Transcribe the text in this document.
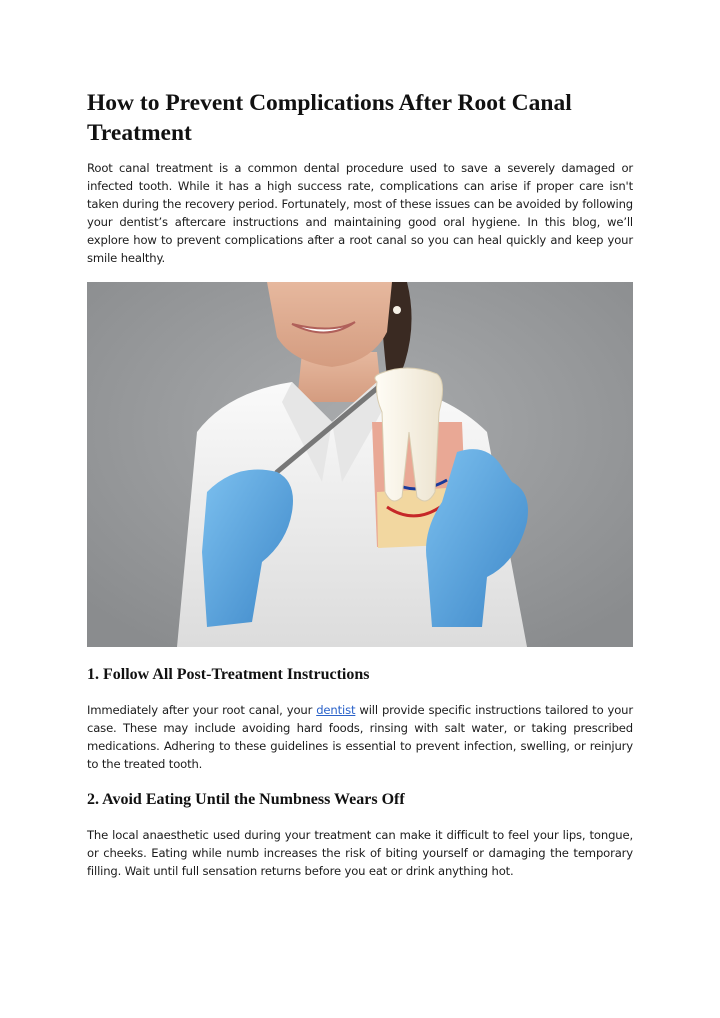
How to Prevent Complications After Root Canal Treatment

Root canal treatment is a common dental procedure used to save a severely damaged or infected tooth. While it has a high success rate, complications can arise if proper care isn't taken during the recovery period. Fortunately, most of these issues can be avoided by following your dentist’s aftercare instructions and maintaining good oral hygiene. In this blog, we’ll explore how to prevent complications after a root canal so you can heal quickly and keep your smile healthy.

1. Follow All Post-Treatment Instructions

Immediately after your root canal, your dentist will provide specific instructions tailored to your case. These may include avoiding hard foods, rinsing with salt water, or taking prescribed medications. Adhering to these guidelines is essential to prevent infection, swelling, or reinjury to the treated tooth.

2. Avoid Eating Until the Numbness Wears Off

The local anaesthetic used during your treatment can make it difficult to feel your lips, tongue, or cheeks. Eating while numb increases the risk of biting yourself or damaging the temporary filling. Wait until full sensation returns before you eat or drink anything hot.
